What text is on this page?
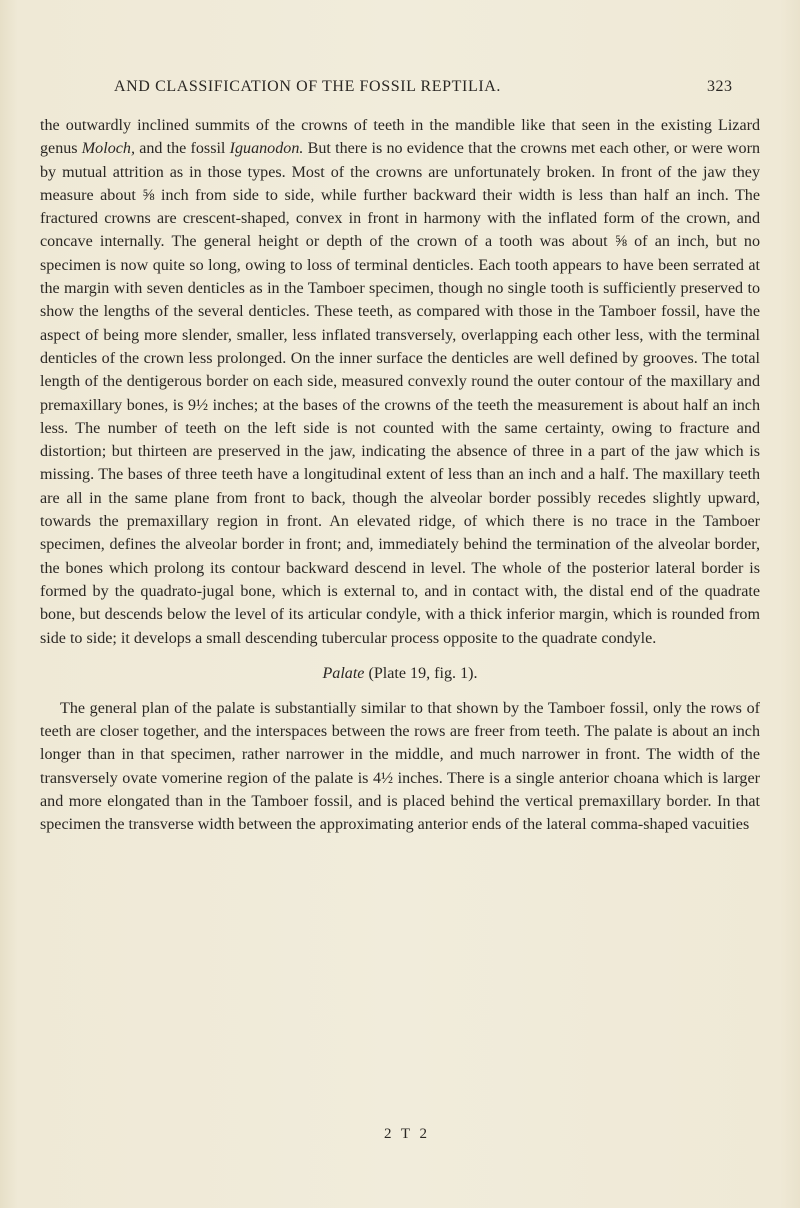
AND CLASSIFICATION OF THE FOSSIL REPTILIA.	323

the outwardly inclined summits of the crowns of teeth in the mandible like that seen in the existing Lizard genus Moloch, and the fossil Iguanodon. But there is no evidence that the crowns met each other, or were worn by mutual attrition as in those types. Most of the crowns are unfortunately broken. In front of the jaw they measure about ⅝ inch from side to side, while further backward their width is less than half an inch. The fractured crowns are crescent-shaped, convex in front in harmony with the inflated form of the crown, and concave internally. The general height or depth of the crown of a tooth was about ⅝ of an inch, but no specimen is now quite so long, owing to loss of terminal denticles. Each tooth appears to have been serrated at the margin with seven denticles as in the Tamboer specimen, though no single tooth is sufficiently preserved to show the lengths of the several denticles. These teeth, as compared with those in the Tamboer fossil, have the aspect of being more slender, smaller, less inflated transversely, overlapping each other less, with the terminal denticles of the crown less prolonged. On the inner surface the denticles are well defined by grooves. The total length of the dentigerous border on each side, measured convexly round the outer contour of the maxillary and premaxillary bones, is 9½ inches; at the bases of the crowns of the teeth the measurement is about half an inch less. The number of teeth on the left side is not counted with the same certainty, owing to fracture and distortion; but thirteen are preserved in the jaw, indicating the absence of three in a part of the jaw which is missing. The bases of three teeth have a longitudinal extent of less than an inch and a half. The maxillary teeth are all in the same plane from front to back, though the alveolar border possibly recedes slightly upward, towards the premaxillary region in front. An elevated ridge, of which there is no trace in the Tamboer specimen, defines the alveolar border in front; and, immediately behind the termination of the alveolar border, the bones which prolong its contour backward descend in level. The whole of the posterior lateral border is formed by the quadrato-jugal bone, which is external to, and in contact with, the distal end of the quadrate bone, but descends below the level of its articular condyle, with a thick inferior margin, which is rounded from side to side; it develops a small descending tubercular process opposite to the quadrate condyle.

Palate (Plate 19, fig. 1).

The general plan of the palate is substantially similar to that shown by the Tamboer fossil, only the rows of teeth are closer together, and the interspaces between the rows are freer from teeth. The palate is about an inch longer than in that specimen, rather narrower in the middle, and much narrower in front. The width of the transversely ovate vomerine region of the palate is 4½ inches. There is a single anterior choana which is larger and more elongated than in the Tamboer fossil, and is placed behind the vertical premaxillary border. In that specimen the transverse width between the approximating anterior ends of the lateral comma-shaped vacuities

2 T 2
